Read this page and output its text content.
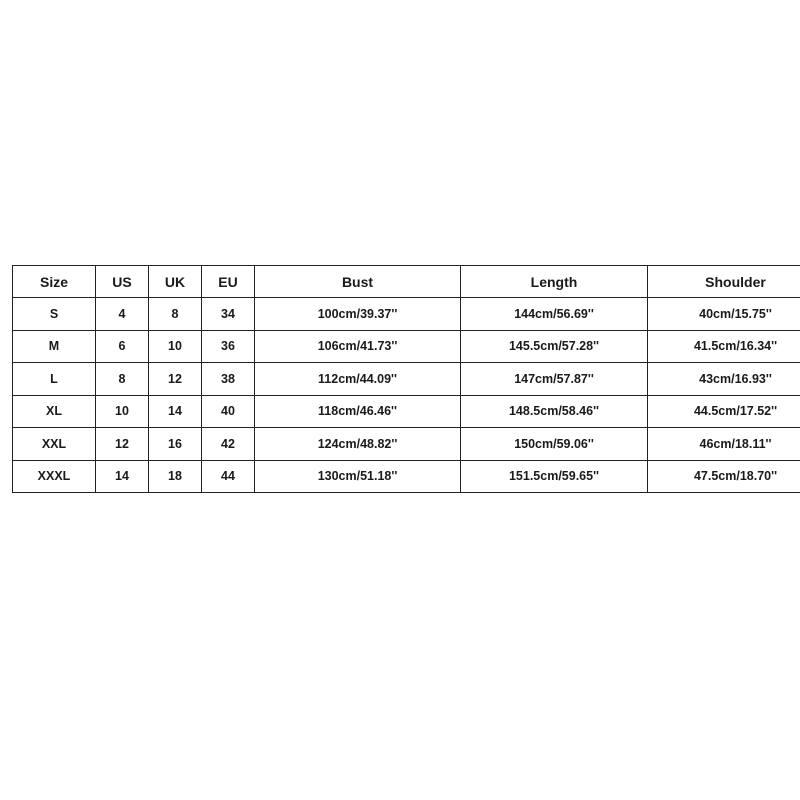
Size	US	UK	EU	Bust	Length	Shoulder
S	4	8	34	100cm/39.37''	144cm/56.69''	40cm/15.75''
M	6	10	36	106cm/41.73''	145.5cm/57.28''	41.5cm/16.34''
L	8	12	38	112cm/44.09''	147cm/57.87''	43cm/16.93''
XL	10	14	40	118cm/46.46''	148.5cm/58.46''	44.5cm/17.52''
XXL	12	16	42	124cm/48.82''	150cm/59.06''	46cm/18.11''
XXXL	14	18	44	130cm/51.18''	151.5cm/59.65''	47.5cm/18.70''
